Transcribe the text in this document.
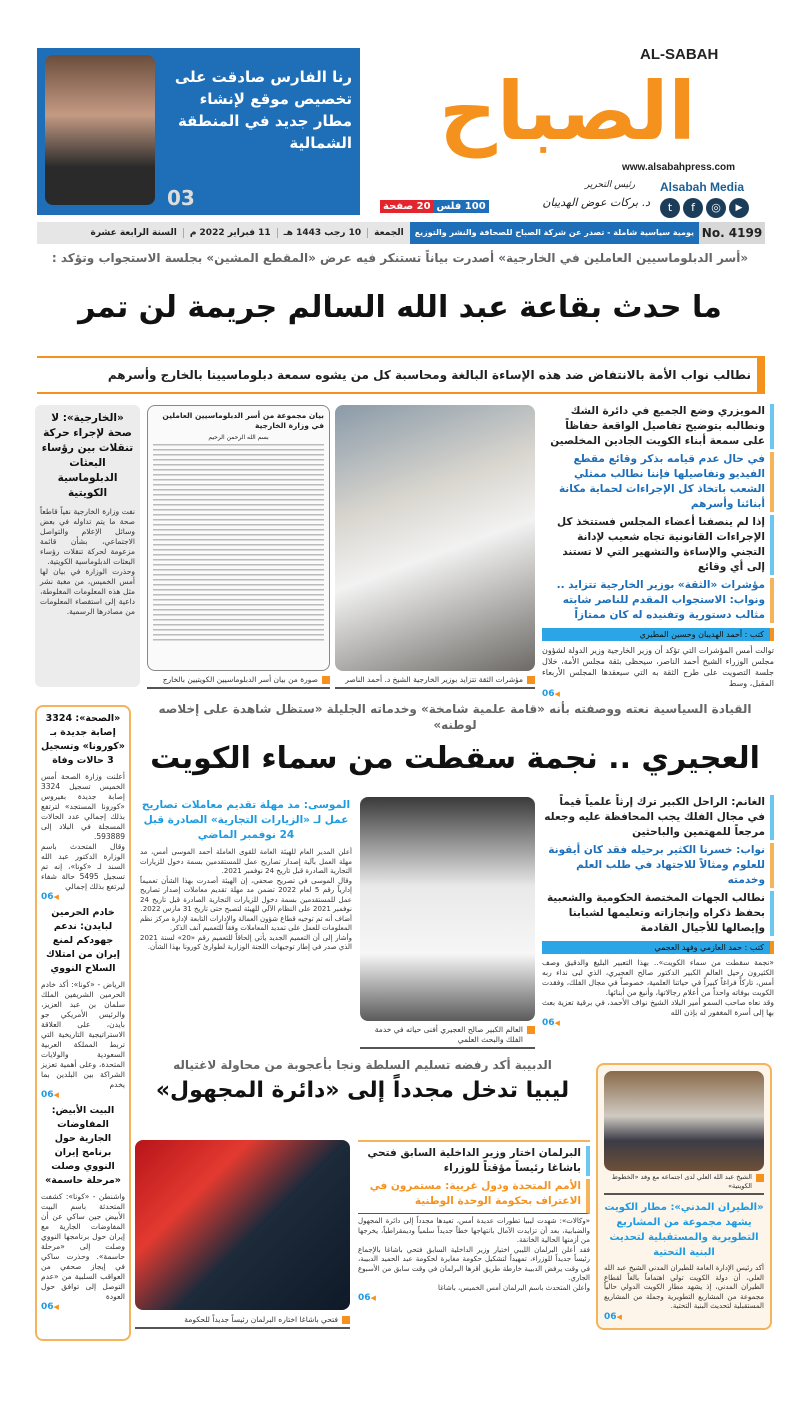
رنا الفارس صادقت على تخصيص موقع لإنشاء مطار جديد في المنطقة الشمالية
03
AL-SABAH
الصباح
www.alsabahpress.com
Alsabah Media
t	f	◎	▶
رئيس التحرير
د. بركات عوض الهديبان
100 فلس
20 صفحة
No. 4199
يومية سياسية شاملة - تصدر عن شركة الصباح للصحافة والنشر والتوزيع
الجمعة
10 رجب 1443 هـ
11 فبراير 2022 م
السنة الرابعة عشرة
«أسر الدبلوماسيين العاملين في الخارجية» أصدرت بياناً تستنكر فيه عرض «المقطع المشين» بجلسة الاستجواب وتؤكد :
ما حدث بقاعة عبد الله السالم جريمة لن تمر
نطالب نواب الأمة بالانتفاض ضد هذه الإساءة البالغة ومحاسبة كل من يشوه سمعة دبلوماسيينا بالخارج وأسرهم
المويزري وضع الجميع في دائرة الشك ونطالبه بتوضيح تفاصيل الواقعة حفاظاً على سمعة أبناء الكويت الجادين المخلصين
في حال عدم قيامه بذكر وقائع مقطع الفيديو وتفاصيلها فإننا نطالب ممثلي الشعب باتخاذ كل الإجراءات لحماية مكانة أبنائنا وأسرهم
إذا لم ينصفنا أعضاء المجلس فستتخذ كل الإجراءات القانونية تجاه شعيب لإدانة التجني والإساءة والتشهير التي لا تستند إلى أي وقائع
مؤشرات «الثقة» بوزير الخارجية تتزايد .. ونواب: الاستجواب المقدم للناصر شابته مثالب دستورية وتفنيده له كان ممتازاً
كتب : أحمد الهديبان وحسين المطيري
توالت أمس المؤشرات التي تؤكد أن وزير الخارجية وزير الدولة لشؤون مجلس الوزراء الشيخ أحمد الناصر، سيحظى بثقة مجلس الأمة، خلال جلسة التصويت على طرح الثقة به التي سيعقدها المجلس الأربعاء المقبل، وسط
06 ◀
مؤشرات الثقة تتزايد بوزير الخارجية الشيخ د. أحمد الناصر
بيان مجموعة من أسر الدبلوماسيين العاملين في وزارة الخارجية
بسم الله الرحمن الرحيم
صورة من بيان أسر الدبلوماسيين الكويتيين بالخارج
«الخارجية»: لا صحة لإجراء حركة تنقلات بين رؤساء البعثات الدبلوماسية الكويتية
نفت وزارة الخارجية نفياً قاطعاً صحة ما يتم تداوله في بعض وسائل الإعلام والتواصل الاجتماعي، بشأن قائمة مزعومة لحركة تنقلات رؤساء البعثات الدبلوماسية الكويتية.
وحذرت الوزارة في بيان لها أمس الخميس، من مغبة نشر مثل هذه المعلومات المغلوطة، داعية إلى استقصاء المعلومات من مصادرها الرسمية.
القيادة السياسية نعته ووصفته بأنه «قامة علمية شامخة» وخدماته الجليلة «ستظل شاهدة على إخلاصه لوطنه»
العجيري .. نجمة سقطت من سماء الكويت
الغانم: الراحل الكبير ترك إرثاً علمياً قيماً في مجال الفلك يجب المحافظة عليه وجعله مرجعاً للمهتمين والباحثين
نواب: خسرنا الكثير برحيله فقد كان أيقونة للعلوم ومثالاً للاجتهاد في طلب العلم وخدمته
نطالب الجهات المختصة الحكومية والشعبية بحفظ ذكراه وإنجازاته وتعليمها لشبابنا وإيصالها للأجيال القادمة
كتب : حمد العازمي وفهد العجمي
«نجمة سقطت من سماء الكويت».. بهذا التعبير البليغ والدقيق وصف الكثيرون رحيل العالم الكبير الدكتور صالح العجيري، الذي لبى نداء ربه أمس، تاركاً فراغاً كبيراً في حياتنا العلمية، خصوصاً في مجال الفلك، وفقدت الكويت بوفاته واحداً من أعلام رجالاتها، وأنبغ من أبنائها.
وقد نعاه صاحب السمو أمير البلاد الشيخ نواف الأحمد، في برقية تعزية بعث بها إلى أسرة المغفور له بإذن الله
06 ◀
العالم الكبير صالح العجيري أفنى حياته في خدمة الفلك والبحث العلمي
الموسى: مد مهلة تقديم معاملات تصاريح عمل لـ «الزيارات التجارية» الصادرة قبل 24 نوفمبر الماضي
أعلن المدير العام للهيئة العامة للقوى العاملة أحمد الموسى أمس، مد مهلة العمل بآلية إصدار تصاريح عمل للمستقدمين بسمة دخول للزيارات التجارية الصادرة قبل تاريخ 24 نوفمبر 2021.
وقال الموسى في تصريح صحفي، إن الهيئة أصدرت بهذا الشأن تعميماً إدارياً رقم 5 لعام 2022 تضمن مد مهلة تقديم معاملات إصدار تصاريح عمل للمستقدمين بسمة دخول للزيارات التجارية الصادرة قبل تاريخ 24 نوفمبر 2021 على النظام الآلي للهيئة لتصبح حتى تاريخ 31 مارس 2022.
أضاف أنه تم توجيه قطاع شؤون العمالة والإدارات التابعة لإدارة مركز نظم المعلومات للعمل على تمديد المعاملات وفقاً للتعميم آنف الذكر.
وأشار إلى أن التعميم الجديد يأتي إلحاقاً للتعميم رقم «20» لسنة 2021 الذي صدر في إطار توجيهات اللجنة الوزارية لطوارئ كورونا بهذا الشأن.
«الصحة»: 3324 إصابة جديدة بـ «كورونا» وتسجيل 3 حالات وفاة
أعلنت وزارة الصحة أمس الخميس تسجيل 3324 إصابة جديدة بفيروس «كورونا المستجد» لترتفع بذلك إجمالي عدد الحالات المسجلة في البلاد إلى 593889.
وقال المتحدث باسم الوزارة الدكتور عبد الله السند لـ «كونا»، إنه تم تسجيل 5495 حالة شفاء ليرتفع بذلك إجمالي
06 ◀
خادم الحرمين لبايدن: ندعم جهودكم لمنع إيران من امتلاك السلاح النووي
الرياض - «كونا»: أكد خادم الحرمين الشريفين الملك سلمان بن عبد العزيز، والرئيس الأمريكي جو بايدن، على العلاقة الاستراتيجية التاريخية التي تربط المملكة العربية السعودية والولايات المتحدة، وعلى أهمية تعزيز الشراكة بين البلدين بما يخدم
06 ◀
البيت الأبيض: المفاوضات الجارية حول برنامج إيران النووي وصلت «مرحلة حاسمة»
واشنطن - «كونا»: كشفت المتحدثة باسم البيت الأبيض جين ساكي عن أن المفاوضات الجارية مع إيران حول برنامجها النووي وصلت إلى «مرحلة حاسمة». وحذرت ساكي في إيجاز صحفي من العواقب السلبية من «عدم التوصل إلى توافق حول العودة
06 ◀
الدبيبة أكد رفضه تسليم السلطة ونجا بأعجوبة من محاولة لاغتياله
ليبيا تدخل مجدداً إلى «دائرة المجهول»
فتحي باشاغا اختاره البرلمان رئيساً جديداً للحكومة
البرلمان اختار وزير الداخلية السابق فتحي باشاغا رئيساً مؤقتاً للوزراء
الأمم المتحدة ودول غربية: مستمرون في الاعتراف بحكومة الوحدة الوطنية
«وكالات»: شهدت ليبيا تطورات عديدة أمس، تعيدها مجدداً إلى دائرة المجهول والضبابية، بعد أن تزايدت الآمال بانتهاجها خطاً جديداً سلمياً وديمقراطياً، يخرجها من أزمتها الحالية الخانقة.
فقد أعلن البرلمان الليبي اختيار وزير الداخلية السابق فتحي باشاغا بالإجماع رئيساً جديداً للوزراء، تمهيداً لتشكيل حكومة مغايرة لحكومة عبد الحميد الدبيبة، في وقت يرفض الدبيبة خارطة طريق أقرها البرلمان في وقت سابق من الأسبوع الجاري.
وأعلن المتحدث باسم البرلمان أمس الخميس، باشاغا
06 ◀
الشيخ عبد الله العلي لدى اجتماعه مع وفد «الخطوط الكويتية»
«الطيران المدني»: مطار الكويت يشهد مجموعة من المشاريع التطويرية والمستقبلية لتحديث البنية التحتية
أكد رئيس الإدارة العامة للطيران المدني الشيخ عبد الله العلي، أن دولة الكويت تولي اهتماماً بالغاً لقطاع الطيران المدني، إذ يشهد مطار الكويت الدولي حالياً مجموعة من المشاريع التطويرية وجملة من المشاريع المستقبلية لتحديث البنية التحتية.
06 ◀
